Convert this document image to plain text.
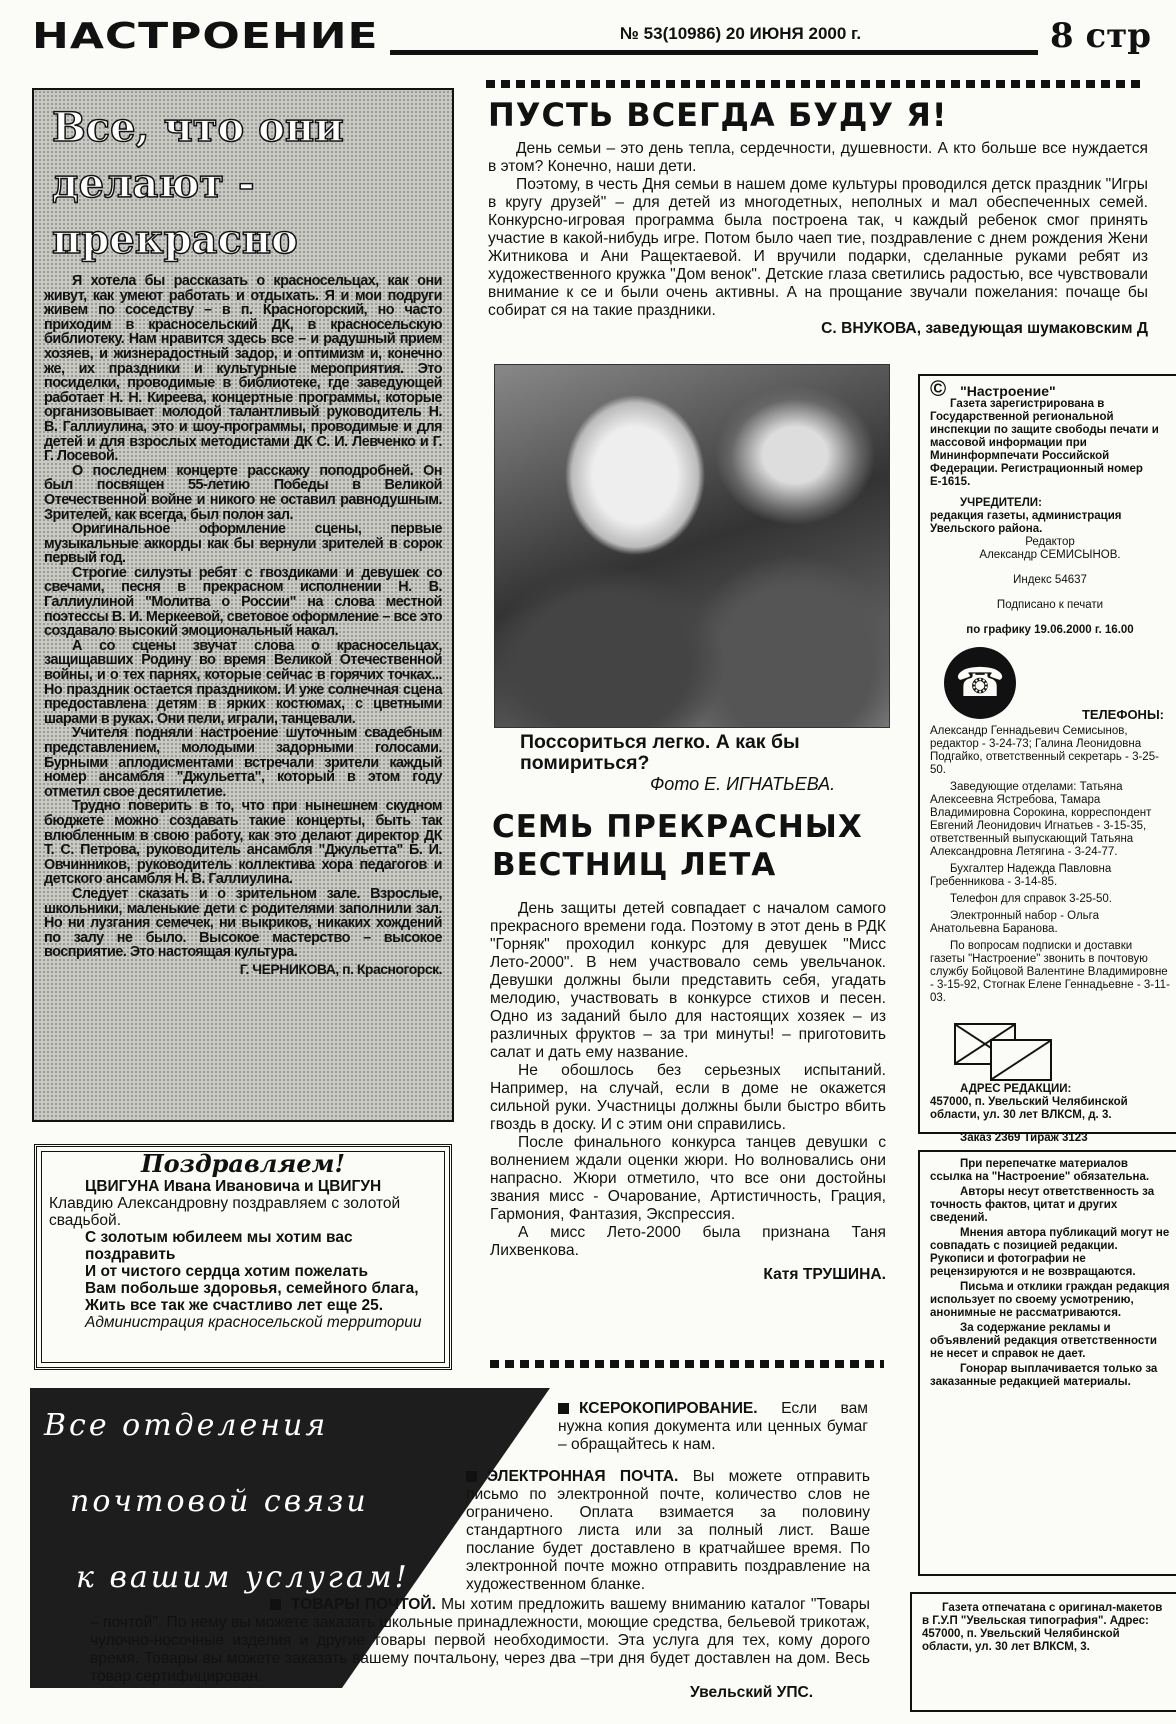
НАСТРОЕНИЕ	№ 53(10986) 20 ИЮНЯ 2000 г.	8 стр
Все, что они делают - прекрасно

Я хотела бы рассказать о красносельцах, как они живут, как умеют работать и отдыхать. Я и мои подруги живем по соседству – в п. Красногорский, но часто приходим в красносельский ДК, в красносельскую библиотеку. Нам нравится здесь все – и радушный прием хозяев, и жизнерадостный задор, и оптимизм и, конечно же, их праздники и культурные мероприятия. Это посиделки, проводимые в библиотеке, где заведующей работает Н. Н. Киреева, концертные программы, которые организовывает молодой талантливый руководитель Н. В. Галлиулина, это и шоу-программы, проводимые и для детей и для взрослых методистами ДК С. И. Левченко и Г. Г. Лосевой.

О последнем концерте расскажу поподробней. Он был посвящен 55-летию Победы в Великой Отечественной войне и никого не оставил равнодушным. Зрителей, как всегда, был полон зал.

Оригинальное оформление сцены, первые музыкальные аккорды как бы вернули зрителей в сорок первый год.

Строгие силуэты ребят с гвоздиками и девушек со свечами, песня в прекрасном исполнении Н. В. Галлиулиной "Молитва о России" на слова местной поэтессы В. И. Меркеевой, световое оформление – все это создавало высокий эмоциональный накал.

А со сцены звучат слова о красносельцах, защищавших Родину во время Великой Отечественной войны, и о тех парнях, которые сейчас в горячих точках... Но праздник остается праздником. И уже солнечная сцена предоставлена детям в ярких костюмах, с цветными шарами в руках. Они пели, играли, танцевали.

Учителя подняли настроение шуточным свадебным представлением, молодыми задорными голосами. Бурными аплодисментами встречали зрители каждый номер ансамбля "Джульетта", который в этом году отметил свое десятилетие.

Трудно поверить в то, что при нынешнем скудном бюджете можно создавать такие концерты, быть так влюбленным в свою работу, как это делают директор ДК Т. С. Петрова, руководитель ансамбля "Джульетта" Б. И. Овчинников, руководитель коллектива хора педагогов и детского ансамбля Н. В. Галлиулина.

Следует сказать и о зрительном зале. Взрослые, школьники, маленькие дети с родителями заполнили зал. Но ни лузгания семечек, ни выкриков, никаких хождений по залу не было. Высокое мастерство – высокое восприятие. Это настоящая культура.

Г. ЧЕРНИКОВА, п. Красногорск.
Поздравляем!

ЦВИГУНА Ивана Ивановича и ЦВИГУН

Клавдию Александровну поздравляем с золотой свадьбой.

С золотым юбилеем мы хотим вас поздравить

И от чистого сердца хотим пожелать

Вам побольше здоровья, семейного блага,

Жить все так же счастливо лет еще 25.

Администрация красносельской территории

ПУСТЬ ВСЕГДА БУДУ Я!

День семьи – это день тепла, сердечности, душевности. А кто больше все нуждается в этом? Конечно, наши дети.

Поэтому, в честь Дня семьи в нашем доме культуры проводился детск праздник "Игры в кругу друзей" – для детей из многодетных, неполных и мал обеспеченных семей. Конкурсно-игровая программа была построена так, ч каждый ребенок смог принять участие в какой-нибудь игре. Потом было чаеп тие, поздравление с днем рождения Жени Житникова и Ани Ращектаевой. И вручили подарки, сделанные руками ребят из художественного кружка "Дом венок". Детские глаза светились радостью, все чувствовали внимание к се и были очень активны. А на прощание звучали пожелания: почаще бы собират ся на такие праздники.

С. ВНУКОВА, заведующая шумаковским Д
Поссориться легко. А как бы помириться?
Фото Е. ИГНАТЬЕВА.
СЕМЬ ПРЕКРАСНЫХ
ВЕСТНИЦ ЛЕТА

День защиты детей совпадает с началом самого прекрасного времени года. Поэтому в этот день в РДК "Горняк" проходил конкурс для девушек "Мисс Лето-2000". В нем участвовало семь увельчанок. Девушки должны были представить себя, угадать мелодию, участвовать в конкурсе стихов и песен. Одно из заданий было для настоящих хозяек – из различных фруктов – за три минуты! – приготовить салат и дать ему название.

Не обошлось без серьезных испытаний. Например, на случай, если в доме не окажется сильной руки. Участницы должны были быстро вбить гвоздь в доску. И с этим они справились.

После финального конкурса танцев девушки с волнением ждали оценки жюри. Но волновались они напрасно. Жюри отметило, что все они достойны звания мисс - Очарование, Артистичность, Грация, Гармония, Фантазия, Экспрессия.

А мисс Лето-2000 была признана Таня Лихвенкова.

Катя ТРУШИНА.
© "Настроение"
Газета зарегистрирована в Государственной региональной инспекции по защите свободы печати и массовой информации при Мининформпечати Российской Федерации. Регистрационный номер Е-1615.
УЧРЕДИТЕЛИ:
редакция газеты, администрация Увельского района.
Редактор
Александр СЕМИСЫНОВ.
Индекс 54637
Подписано к печати
по графику 19.06.2000 г. 16.00
☎
ТЕЛЕФОНЫ:
Александр Геннадьевич Семисынов, редактор - 3-24-73; Галина Леонидовна Подгайко, ответственный секретарь - 3-25-50.
Заведующие отделами: Татьяна Алексеевна Ястребова, Тамара Владимировна Сорокина, корреспондент Евгений Леонидович Игнатьев - 3-15-35, ответственный выпускающий Татьяна Александровна Летягина - 3-24-77.
Бухгалтер Надежда Павловна Гребенникова - 3-14-85.
Телефон для справок 3-25-50.
Электронный набор - Ольга Анатольевна Баранова.
По вопросам подписки и доставки газеты "Настроение" звонить в почтовую службу Бойцовой Валентине Владимировне - 3-15-92, Стогнак Елене Геннадьевне - 3-11-03.
АДРЕС РЕДАКЦИИ:
457000, п. Увельский Челябинской области, ул. 30 лет ВЛКСМ, д. 3.
Заказ 2369 Тираж 3123
При перепечатке материалов ссылка на "Настроение" обязательна.
Авторы несут ответственность за точность фактов, цитат и других сведений.
Мнения автора публикаций могут не совпадать с позицией редакции. Рукописи и фотографии не рецензируются и не возвращаются.
Письма и отклики граждан редакция использует по своему усмотрению, анонимные не рассматриваются.
За содержание рекламы и объявлений редакция ответственности не несет и справок не дает.
Гонорар выплачивается только за заказанные редакцией материалы.
Газета отпечатана с оригинал-макетов в Г.У.П "Увельская типография". Адрес: 457000, п. Увельский Челябинской области, ул. 30 лет ВЛКСМ, 3.
Все отделения
почтовой связи
к вашим услугам!
КСЕРОКОПИРОВАНИЕ. Если вам нужна копия документа или ценных бумаг – обращайтесь к нам.
ЭЛЕКТРОННАЯ ПОЧТА. Вы можете отправить письмо по электронной почте, количество слов не ограничено. Оплата взимается за половину стандартного листа или за полный лист. Ваше послание будет доставлено в кратчайшее время. По электронной почте можно отправить поздравление на художественном бланке.
ТОВАРЫ ПОЧТОЙ. Мы хотим предложить вашему вниманию каталог "Товары – почтой". По нему вы можете заказать школьные принадлежности, моющие средства, бельевой трикотаж, чулочно-носочные изделия и другие товары первой необходимости. Эта услуга для тех, кому дорого время. Товары вы можете заказать вашему почтальону, через два –три дня будет доставлен на дом. Весь товар сертифицирован.
Увельский УПС.
